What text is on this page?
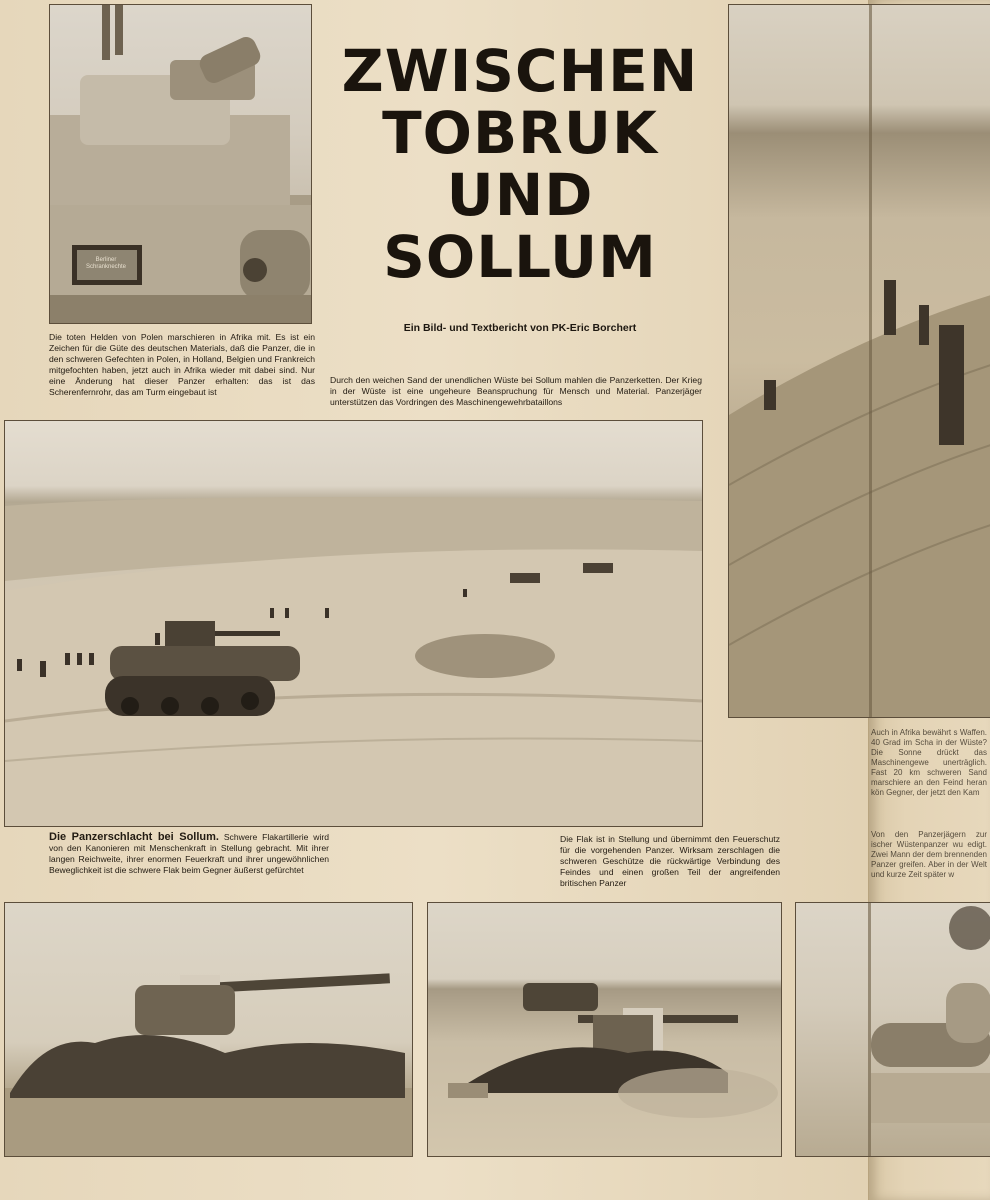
Berliner Schranknechte
ZWISCHEN
TOBRUK
UND
SOLLUM
Ein Bild- und Textbericht von PK-Eric Borchert
Die toten Helden von Polen marschieren in Afrika mit. Es ist ein Zeichen für die Güte des deutschen Materials, daß die Panzer, die in den schweren Gefechten in Polen, in Holland, Belgien und Frankreich mitgefochten haben, jetzt auch in Afrika wieder mit dabei sind. Nur eine Änderung hat dieser Panzer erhalten: das ist das Scherenfernrohr, das am Turm eingebaut ist
Durch den weichen Sand der unendlichen Wüste bei Sollum mahlen die Panzerketten. Der Krieg in der Wüste ist eine ungeheure Beanspruchung für Mensch und Material. Panzerjäger unterstützen das Vordringen des Maschinengewehrbataillons
Die Panzerschlacht bei Sollum. Schwere Flakartillerie wird von den Kanonieren mit Menschenkraft in Stellung gebracht. Mit ihrer langen Reichweite, ihrer enormen Feuerkraft und ihrer ungewöhnlichen Beweglichkeit ist die schwere Flak beim Gegner äußerst gefürchtet
Die Flak ist in Stellung und übernimmt den Feuerschutz für die vorgehenden Panzer. Wirksam zerschlagen die schweren Geschütze die rückwärtige Verbindung des Feindes und einen großen Teil der angreifenden britischen Panzer
Auch in Afrika bewährt s Waffen. 40 Grad im Scha in der Wüste? Die Sonne drückt das Maschinengewe unerträglich. Fast 20 km schweren Sand marschiere an den Feind heran kön Gegner, der jetzt den Kam
Von den Panzerjägern zur ischer Wüstenpanzer wu edigt. Zwei Mann der dem brennenden Panzer greifen. Aber in der Welt und kurze Zeit später w
